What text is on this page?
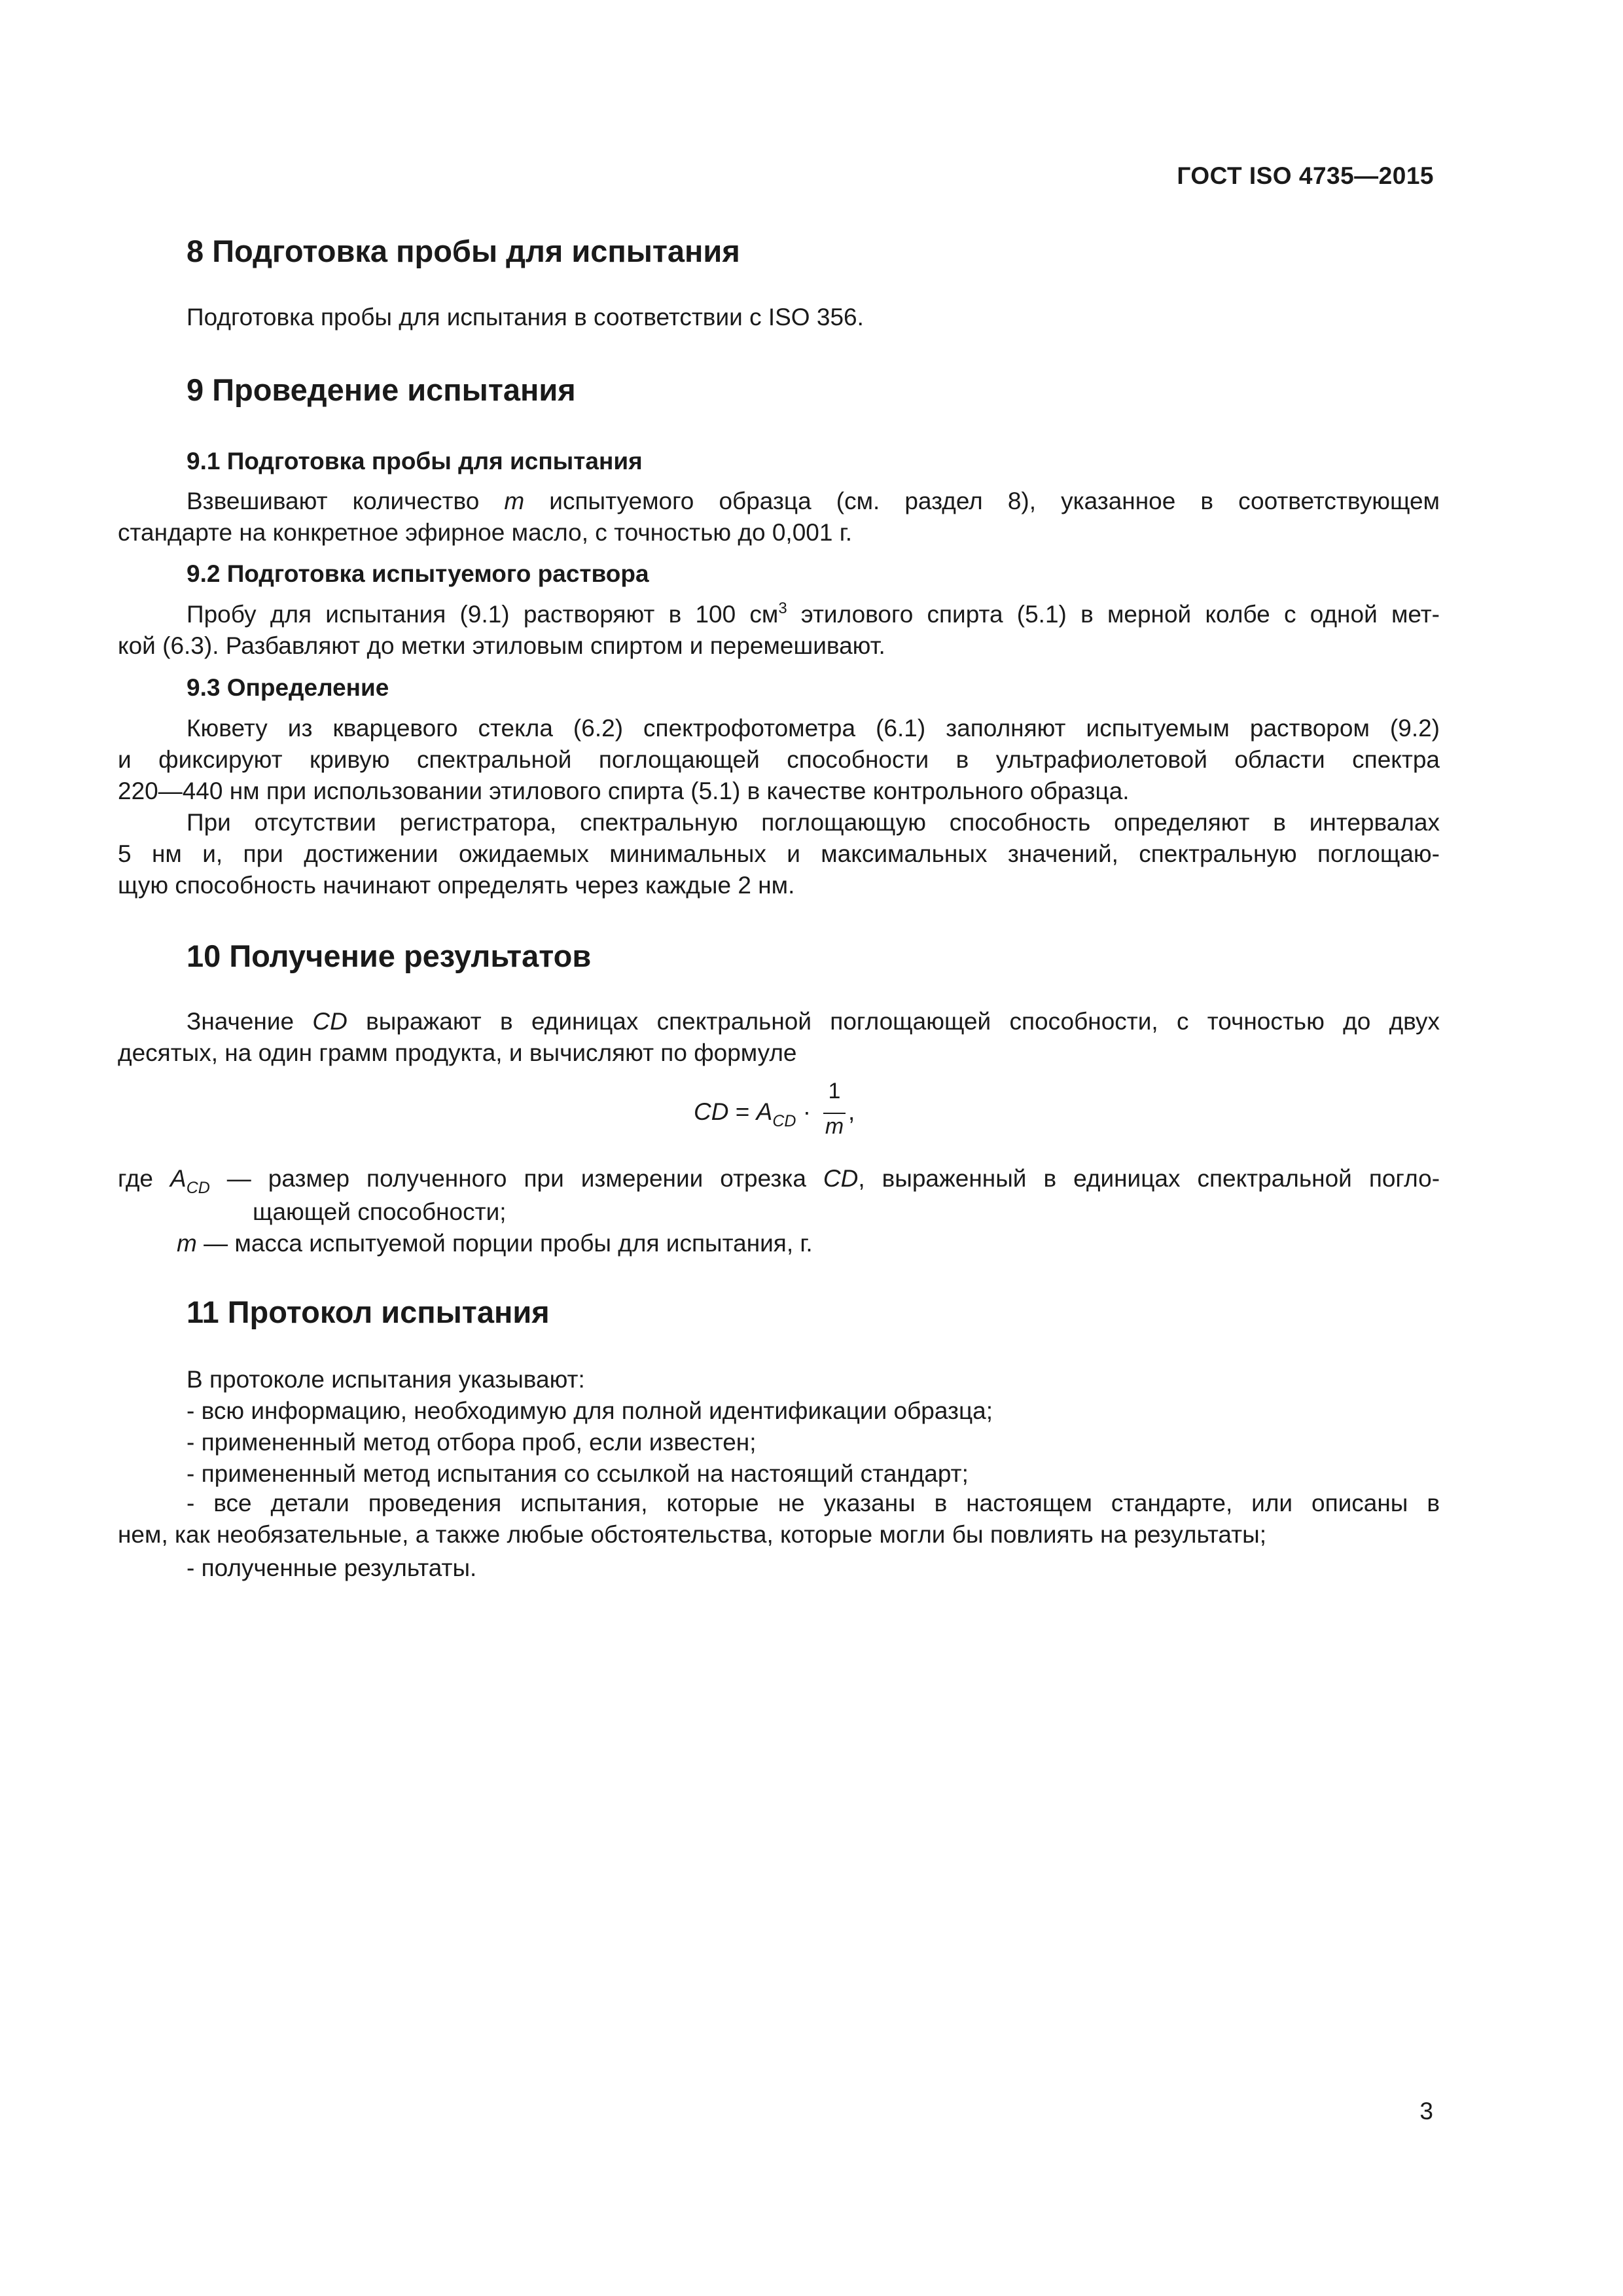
ГОСТ ISO 4735—2015
8 Подготовка пробы для испытания
Подготовка пробы для испытания в соответствии с ISO 356.
9 Проведение испытания
9.1 Подготовка пробы для испытания
Взвешивают количество m испытуемого образца (см. раздел 8), указанное в соответствующем
стандарте на конкретное эфирное масло, с точностью до 0,001 г.
9.2 Подготовка испытуемого раствора
Пробу для испытания (9.1) растворяют в 100 $см^3$ этилового спирта (5.1) в мерной колбе с одной мет-
кой (6.3). Разбавляют до метки этиловым спиртом и перемешивают.
9.3 Определение
Кювету из кварцевого стекла (6.2) спектрофотометра (6.1) заполняют испытуемым раствором (9.2)
и фиксируют кривую спектральной поглощающей способности в ультрафиолетовой области спектра
220—440 нм при использовании этилового спирта (5.1) в качестве контрольного образца.
При отсутствии регистратора, спектральную поглощающую способность определяют в интервалах
5 нм и, при достижении ожидаемых минимальных и максимальных значений, спектральную поглощаю-
щую способность начинают определять через каждые 2 нм.
10 Получение результатов
Значение CD выражают в единицах спектральной поглощающей способности, с точностью до двух
десятых, на один грамм продукта, и вычисляют по формуле
CD = $A_{CD}$ ·
1
m
,
где $A_{CD}$ — размер полученного при измерении отрезка CD, выраженный в единицах спектральной погло-
щающей способности;
m — масса испытуемой порции пробы для испытания, г.
11 Протокол испытания
В протоколе испытания указывают:
- всю информацию, необходимую для полной идентификации образца;
- примененный метод отбора проб, если известен;
- примененный метод испытания со ссылкой на настоящий стандарт;
- все детали проведения испытания, которые не указаны в настоящем стандарте, или описаны в
нем, как необязательные, а также любые обстоятельства, которые могли бы повлиять на результаты;
- полученные результаты.
3
